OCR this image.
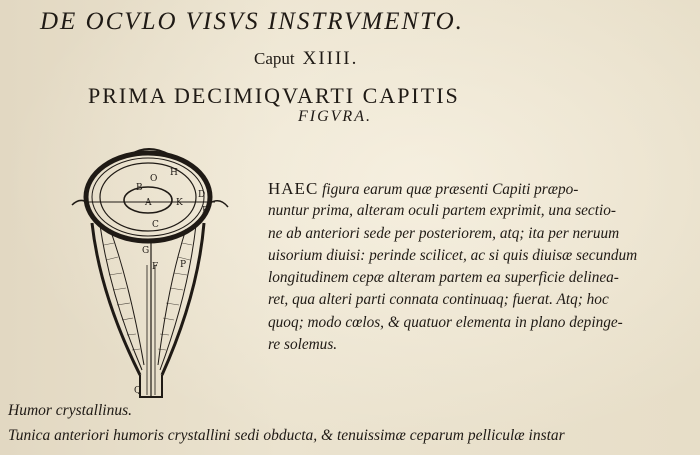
DE OCVLO VISVS INSTRVMENTO.
Caput XIIII.
PRIMA DECIMIQVARTI CAPITIS
FIGVRA.
H
O
B
A	K
C
D
E
F
G
P
Q
HAEC figura earum quæ præsenti Capiti præpo-
nuntur prima, alteram oculi partem exprimit, una sectio-
ne ab anteriori sede per posteriorem, atq; ita per neruum
uisorium diuisi: perinde scilicet, ac si quis diuisæ secundum
longitudinem cepæ alteram partem ea superficie delinea-
ret, qua alteri parti connata continuaq; fuerat. Atq; hoc
quoq; modo cœlos, & quatuor elementa in plano depinge-
re solemus.
Humor crystallinus.
Tunica anteriori humoris crystallini sedi obducta, & tenuissimæ ceparum pelliculæ instar
